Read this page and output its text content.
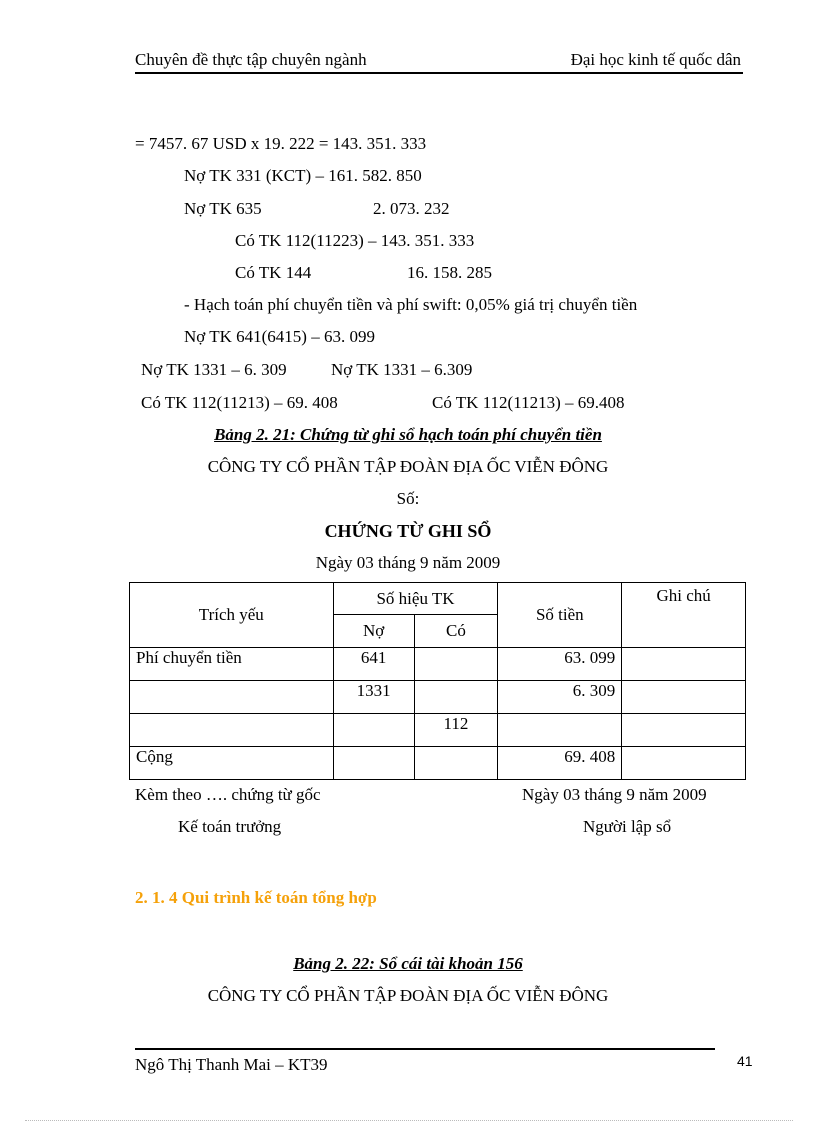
Chuyên đề thực tập chuyên ngành	Đại học kinh tế quốc dân
= 7457. 67 USD x 19. 222 = 143. 351. 333
Nợ TK 331 (KCT) – 161. 582. 850
Nợ TK 635	2. 073. 232
Có TK 112(11223) – 143. 351. 333
Có TK 144	16. 158. 285
- Hạch toán phí chuyển tiền và phí swift: 0,05% giá trị chuyển tiền
Nợ TK 641(6415) – 63. 099
Nợ TK 1331 – 6. 309	Nợ TK 1331 – 6.309
Có TK 112(11213) – 69. 408	Có TK 112(11213) – 69.408
Bảng 2. 21: Chứng từ ghi sổ hạch toán phí chuyển tiền
CÔNG TY CỔ PHẦN TẬP ĐOÀN ĐỊA ỐC VIỄN ĐÔNG
Số:
CHỨNG TỪ GHI SỔ
Ngày 03 tháng 9 năm 2009
Trích yếu	Số hiệu TK		Số tiền	Ghi chú
	Nợ	Có		
Phí chuyển tiền	641		63. 099	
	1331		6. 309	
		112		
Cộng			69. 408	
Kèm theo …. chứng từ gốc	Ngày 03 tháng 9 năm 2009
Kế toán trưởng	Người lập sổ
2. 1. 4 Qui trình kế toán tổng hợp
Bảng 2. 22: Sổ cái tài khoản 156
CÔNG TY CỔ PHẦN TẬP ĐOÀN ĐỊA ỐC VIỄN ĐÔNG
Ngô Thị Thanh Mai – KT39	41
